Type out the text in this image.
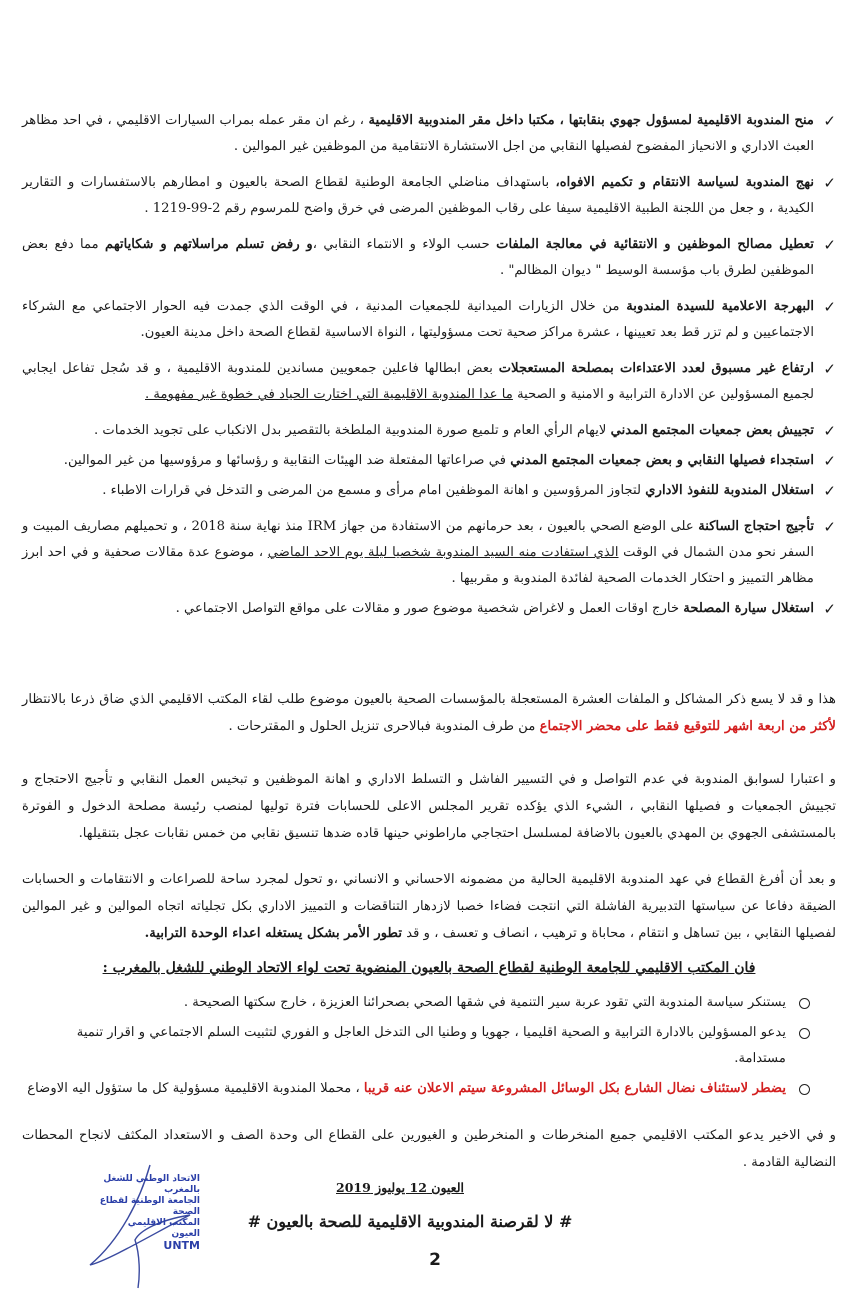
✓
منح المندوبة الاقليمية لمسؤول جهوي بنقابتها ، مكتبا داخل مقر المندوبية الاقليمية ، رغم ان مقر عمله بمراب السيارات الاقليمي ، في احد مظاهر العبث الاداري و الانحياز المفضوح لفصيلها النقابي من اجل الاستشارة الانتقامية من الموظفين غير الموالين .
✓
نهج المندوبة لسياسة الانتقام و تكميم الافواه، باستهداف مناضلي الجامعة الوطنية لقطاع الصحة بالعيون و امطارهم بالاستفسارات و التقارير الكيدية ، و جعل من اللجنة الطبية الاقليمية سيفا على رقاب الموظفين المرضى في خرق واضح للمرسوم رقم 2-99-1219 .
✓
تعطيل مصالح الموظفين و الانتقائية في معالجة الملفات حسب الولاء و الانتماء النقابي ،و رفض تسلم مراسلاتهم و شكاياتهم مما دفع بعض الموظفين لطرق باب مؤسسة الوسيط " ديوان المظالم" .
✓
البهرجة الاعلامية للسيدة المندوبة من خلال الزيارات الميدانية للجمعيات المدنية ، في الوقت الذي جمدت فيه الحوار الاجتماعي مع الشركاء الاجتماعيين و لم تزر قط بعد تعيينها ، عشرة مراكز صحية تحت مسؤوليتها ، النواة الاساسية لقطاع الصحة داخل مدينة العيون.
✓
ارتفاع غير مسبوق لعدد الاعتداءات بمصلحة المستعجلات بعض ابطالها فاعلين جمعويين مساندين للمندوبة الاقليمية ، و قد سُجل تفاعل ايجابي لجميع المسؤولين عن الادارة الترابية و الامنية و الصحية ما عدا المندوبة الاقليمية التي اختارت الحياد في خطوة غير مفهومة .
✓
تجييش بعض جمعيات المجتمع المدني لايهام الرأي العام و تلميع صورة المندوبية الملطخة بالتقصير بدل الانكباب على تجويد الخدمات .
✓
استجداء فصيلها النقابي و بعض جمعيات المجتمع المدني في صراعاتها المفتعلة ضد الهيئات النقابية و رؤسائها و مرؤوسيها من غير الموالين.
✓
استغلال المندوبة للنفوذ الاداري لتجاوز المرؤوسين و اهانة الموظفين امام مرأى و مسمع من المرضى و التدخل في قرارات الاطباء .
✓
تأجيج احتجاج الساكنة على الوضع الصحي بالعيون ، بعد حرمانهم من الاستفادة من جهاز IRM منذ نهاية سنة 2018 ، و تحميلهم مصاريف المبيت و السفر نحو مدن الشمال في الوقت الذي استفادت منه السيد المندوبة شخصيا ليلة يوم الاحد الماضي ، موضوع عدة مقالات صحفية و في احد ابرز مظاهر التمييز و احتكار الخدمات الصحية لفائدة المندوبة و مقربيها .
✓
استغلال سيارة المصلحة خارج اوقات العمل و لاغراض شخصية موضوع صور و مقالات على مواقع التواصل الاجتماعي .
هذا و قد لا يسع ذكر المشاكل و الملفات العشرة المستعجلة بالمؤسسات الصحية بالعيون موضوع طلب لقاء المكتب الاقليمي الذي ضاق ذرعا بالانتظار لأكثر من اربعة اشهر للتوقيع فقط على محضر الاجتماع من طرف المندوبة فبالاحرى تنزيل الحلول و المقترحات .
و اعتبارا لسوابق المندوبة في عدم التواصل و في التسيير الفاشل و التسلط الاداري و اهانة الموظفين و تبخيس العمل النقابي و تأجيج الاحتجاج و تجييش الجمعيات و فصيلها النقابي ، الشيء الذي يؤكده تقرير المجلس الاعلى للحسابات فترة توليها لمنصب رئيسة مصلحة الدخول و الفوترة بالمستشفى الجهوي بن المهدي بالعيون بالاضافة لمسلسل احتجاجي ماراطوني حينها قاده ضدها تنسيق نقابي من خمس نقابات عجل بتنقيلها.
و بعد أن أفرغ القطاع في عهد المندوبة الاقليمية الحالية من مضمونه الاحساني و الانساني ،و تحول لمجرد ساحة للصراعات و الانتقامات و الحسابات الضيقة دفاعا عن سياستها التدبيرية الفاشلة التي انتجت فضاءا خصبا لازدهار التناقضات و التمييز الاداري بكل تجلياته اتجاه الموالين و غير الموالين لفصيلها النقابي ، بين تساهل و انتقام ، محاباة و ترهيب ، انصاف و تعسف ، و قد تطور الأمر بشكل يستغله اعداء الوحدة الترابية.
فان المكتب الاقليمي للجامعة الوطنية لقطاع الصحة بالعيون المنضوية تحت لواء الاتحاد الوطني للشغل بالمغرب :
يستنكر سياسة المندوبة التي تقود عربة سير التنمية في شقها الصحي بصحرائنا العزيزة ، خارج سكتها الصحيحة .
يدعو المسؤولين بالادارة الترابية و الصحية اقليميا ، جهويا و وطنيا الى التدخل العاجل و الفوري لتثبيت السلم الاجتماعي و اقرار تنمية مستدامة.
يضطر لاستئناف نضال الشارع بكل الوسائل المشروعة سيتم الاعلان عنه قريبا ، محملا المندوبة الاقليمية مسؤولية كل ما ستؤول اليه الاوضاع
و في الاخير يدعو المكتب الاقليمي جميع المنخرطات و المنخرطين و الغيورين على القطاع الى وحدة الصف و الاستعداد المكثف لانجاح المحطات النضالية القادمة .
الاتحاد الوطني للشغل بالمغرب
الجامعة الوطنية لقطاع الصحة
المكتب الاقليمي
العيون
UNTM
العيون 12 يوليوز 2019
# لا لقرصنة المندوبية الاقليمية للصحة بالعيون #
2
